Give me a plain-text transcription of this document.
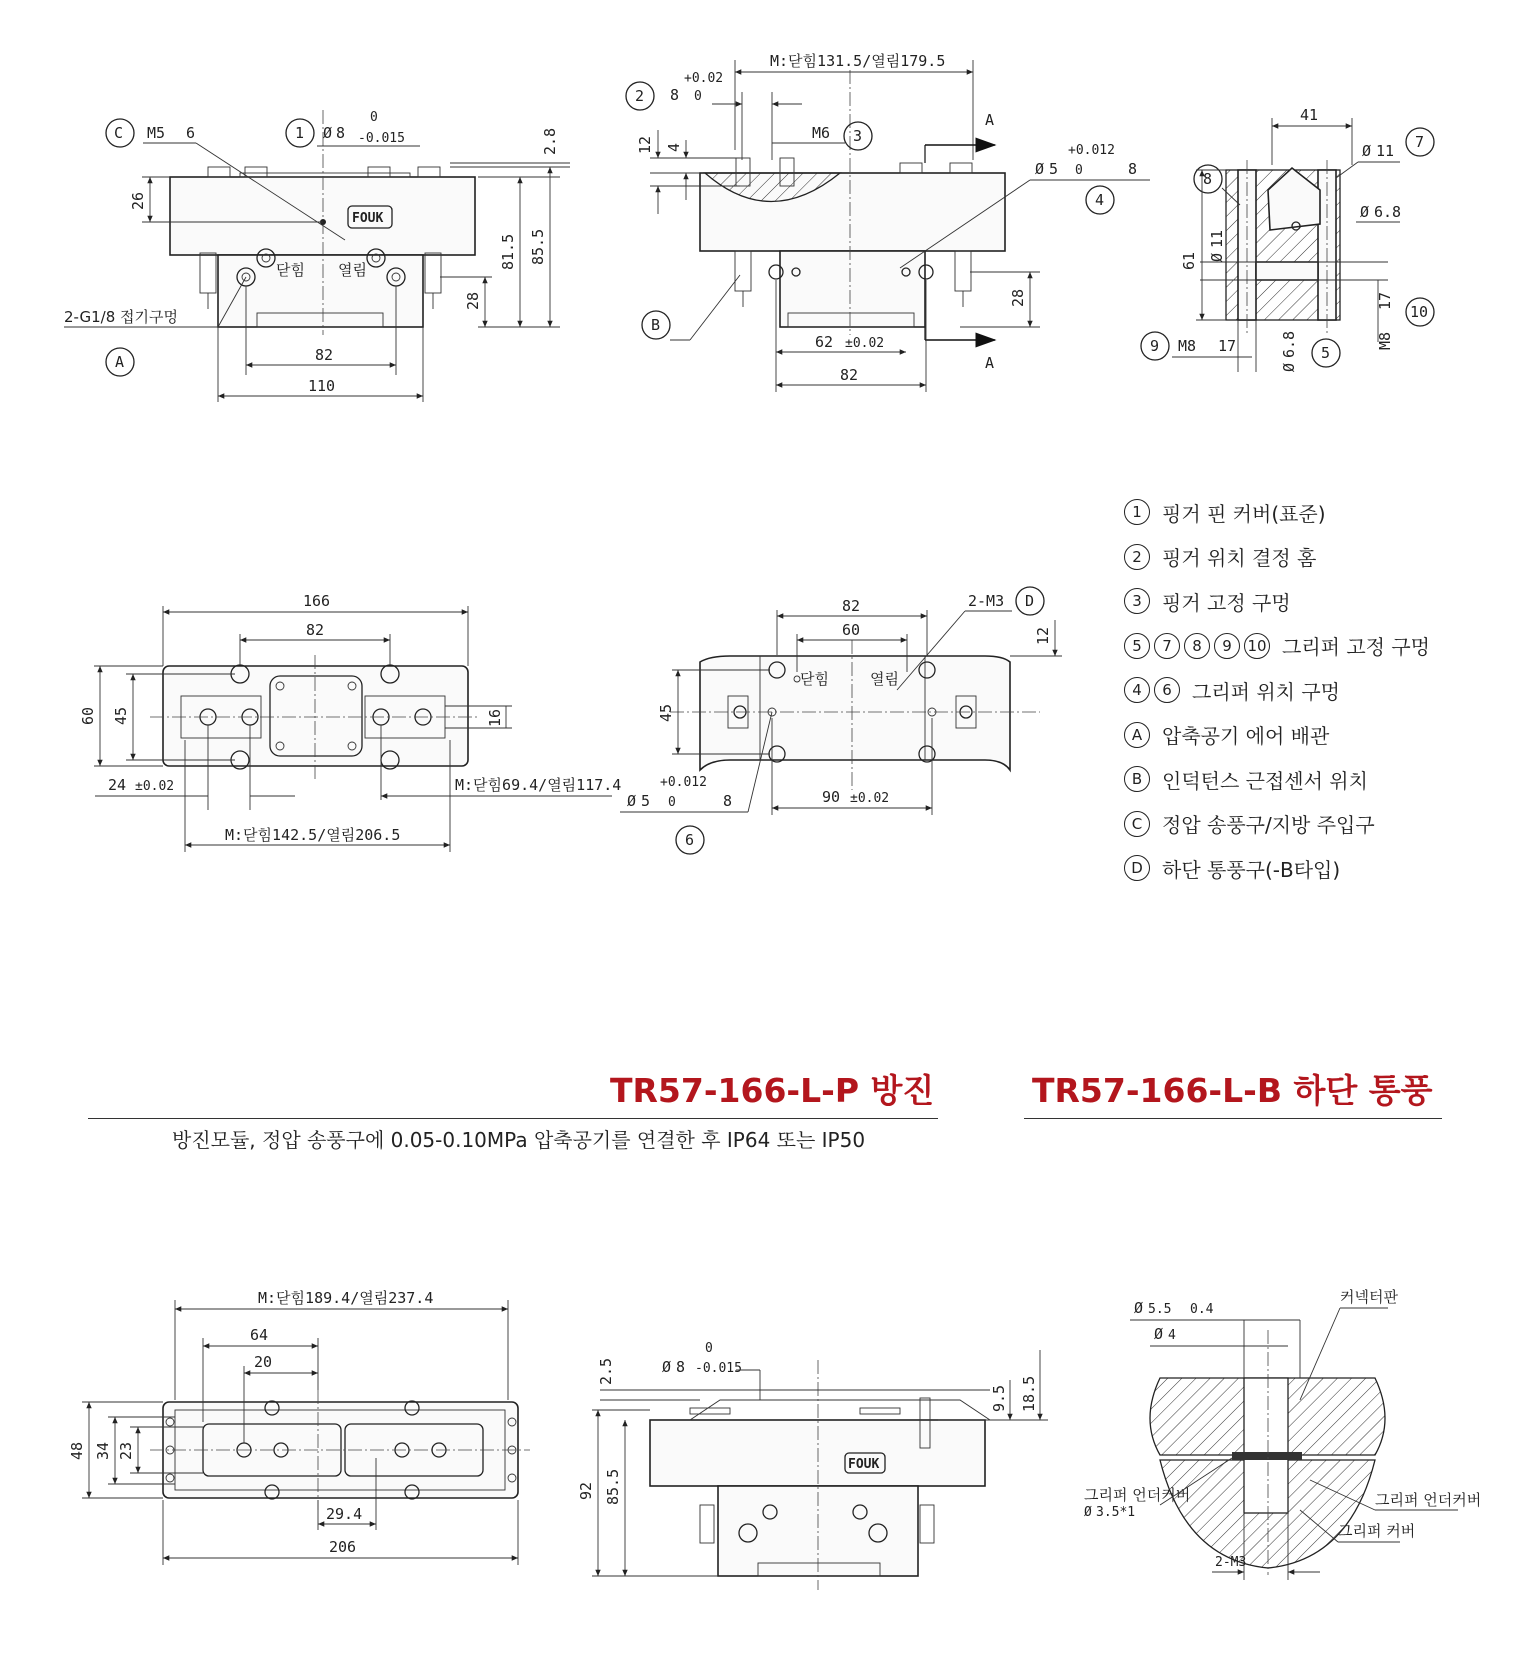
FOUK
C M5 6	1 Ø 8
0
-0.015	2.8
81.5 85.5
28
26
닫힘 열림
2-G1/8 접기구멍
A	82
110
M:닫힘131.5/열림179.5
2 8
+0.02
0
12 4
M6 3
A
A
Ø 5
+0.012
0	8
4
B
62 ±0.02
82
28
41
Ø 11 7
8
Ø
11
Ø 6.8
61
9 M8 17
Ø
6.8 5
M8
17
10
166
82
60 45	16
24 ±0.02	M:닫힘69.4/열림117.4
M:닫힘142.5/열림206.5
닫힘	열림
82
60
2-M3 D
12
45
Ø 5
+0.012
0	8
6
90 ±0.02
M:닫힘189.4/열림237.4
64
20
48 34 23
29.4
206
FOUK
2.5
0
Ø 8 -0.015
9.5 18.5
92 85.5
Ø 5.5 0.4
Ø 4
커넥터판
그리퍼 언더커버
Ø 3.5*1
그리퍼 언더커버
그리퍼 커버
2-M3
1	핑거 핀 커버(표준)
2	핑거 위치 결정 홈
3	핑거 고정 구멍
5	7	8	9	10 그리퍼 고정 구멍
4	6	그리퍼 위치 구멍
A 압축공기 에어 배관
B 인덕턴스 근접센서 위치
C 정압 송풍구/지방 주입구
D 하단 통풍구(-B타입)
TR57-166-L-P 방진	TR57-166-L-B 하단 통풍
방진모듈, 정압 송풍구에 0.05-0.10MPa 압축공기를 연결한 후 IP64 또는 IP50
